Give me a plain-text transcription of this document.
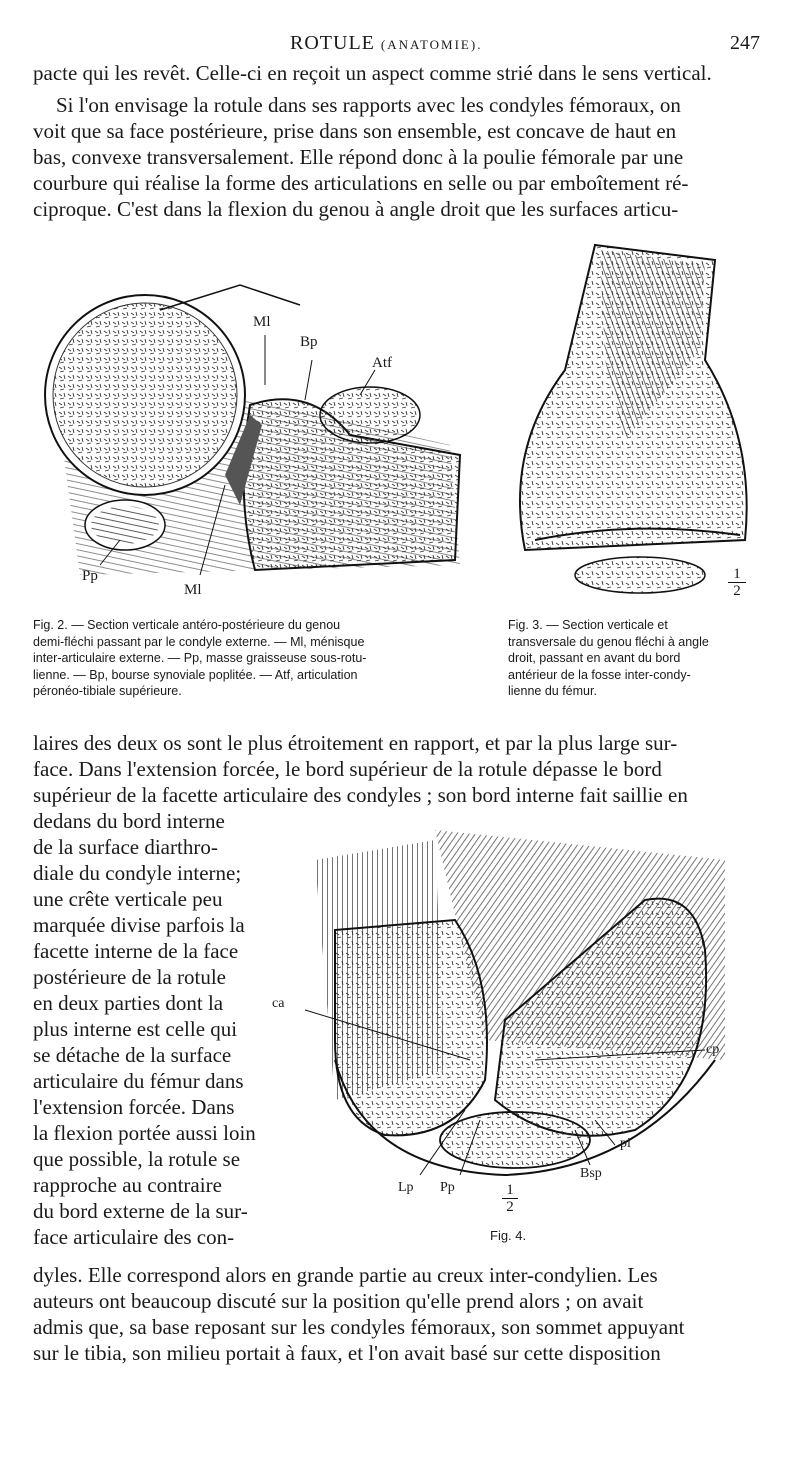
ROTULE (ANATOMIE).	247
pacte qui les revêt. Celle-ci en reçoit un aspect comme strié dans le sens vertical.
Si l'on envisage la rotule dans ses rapports avec les condyles fémoraux, on
voit que sa face postérieure, prise dans son ensemble, est concave de haut en
bas, convexe transversalement. Elle répond donc à la poulie fémorale par une
courbure qui réalise la forme des articulations en selle ou par emboîtement ré-
ciproque. C'est dans la flexion du genou à angle droit que les surfaces articu-
Ml
Bp
Atf
Pp
Ml	$\frac{1}{2}$
Fig. 2. — Section verticale antéro-postérieure du genou
demi-fléchi passant par le condyle externe. — Ml, ménisque
inter-articulaire externe. — Pp, masse graisseuse sous-rotu-
lienne. — Bp, bourse synoviale poplitée. — Atf, articulation
péronéo-tibiale supérieure.
Fig. 3. — Section verticale et
transversale du genou fléchi à angle
droit, passant en avant du bord
antérieur de la fosse inter-condy-
lienne du fémur.
laires des deux os sont le plus étroitement en rapport, et par la plus large sur-
face. Dans l'extension forcée, le bord supérieur de la rotule dépasse le bord
supérieur de la facette articulaire des condyles ; son bord interne fait saillie en
dedans du bord interne
de la surface diarthro-
diale du condyle interne;
une crête verticale peu
marquée divise parfois la
facette interne de la face
postérieure de la rotule
en deux parties dont la
plus interne est celle qui
se détache de la surface
articulaire du fémur dans
l'extension forcée. Dans
la flexion portée aussi loin
que possible, la rotule se
rapproche au contraire
du bord externe de la sur-
face articulaire des con-
ca
cp
pi
Bsp
Lp Pp	$\frac{1}{2}$
Fig. 4.
dyles. Elle correspond alors en grande partie au creux inter-condylien. Les
auteurs ont beaucoup discuté sur la position qu'elle prend alors ; on avait
admis que, sa base reposant sur les condyles fémoraux, son sommet appuyant
sur le tibia, son milieu portait à faux, et l'on avait basé sur cette disposition
